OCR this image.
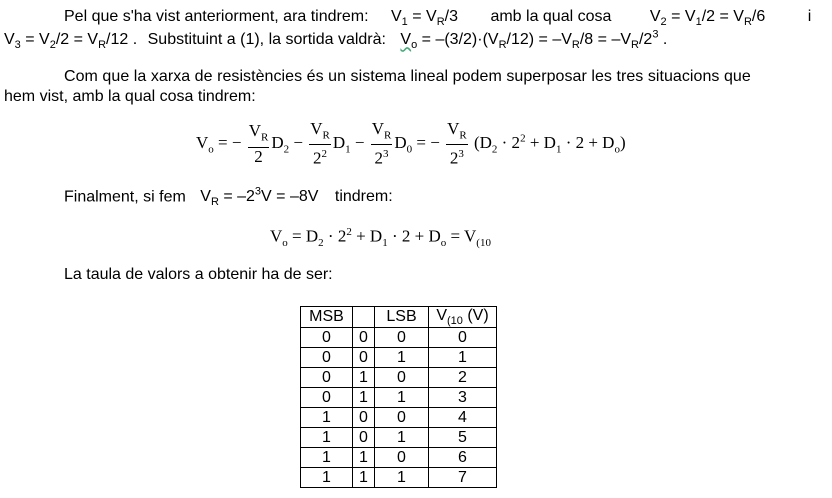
Pel que s'ha vist anteriorment, ara tindrem: $V_1 = V_R/3$ amb la qual cosa $V_2 = V_1/2 = V_R/6$	i
$V_3 = V_2/2 = V_R/12$ . Substituint a (1), la sortida valdrà: $V_o = -(3/2)\cdot(V_R/12) = -V_R/8 = -V_R/2^3$ .
Com que la xarxa de resistències és un sistema lineal podem superposar les tres situacions que
hem vist, amb la qual cosa tindrem:
$V_o$ = − $\frac{V_R}{2} D_2 - \frac{V_R}{2^2} D_1 - \frac{V_R}{2^3} D_0$ = − $\frac{V_R}{2^3} (D_2 \cdot 2^2 + D_1 \cdot 2 + D_o)$
Finalment, si fem $V_R = -2^3V = -8V$ tindrem:
$V_o = D_2 \cdot 2^2 + D_1 \cdot 2 + D_o = V_{(10}$
La taula de valors a obtenir ha de ser:
MSB		LSB	$V_{(10}$ (V)
0	0	0	0
0	0	1	1
0	1	0	2
0	1	1	3
1	0	0	4
1	0	1	5
1	1	0	6
1	1	1	7
